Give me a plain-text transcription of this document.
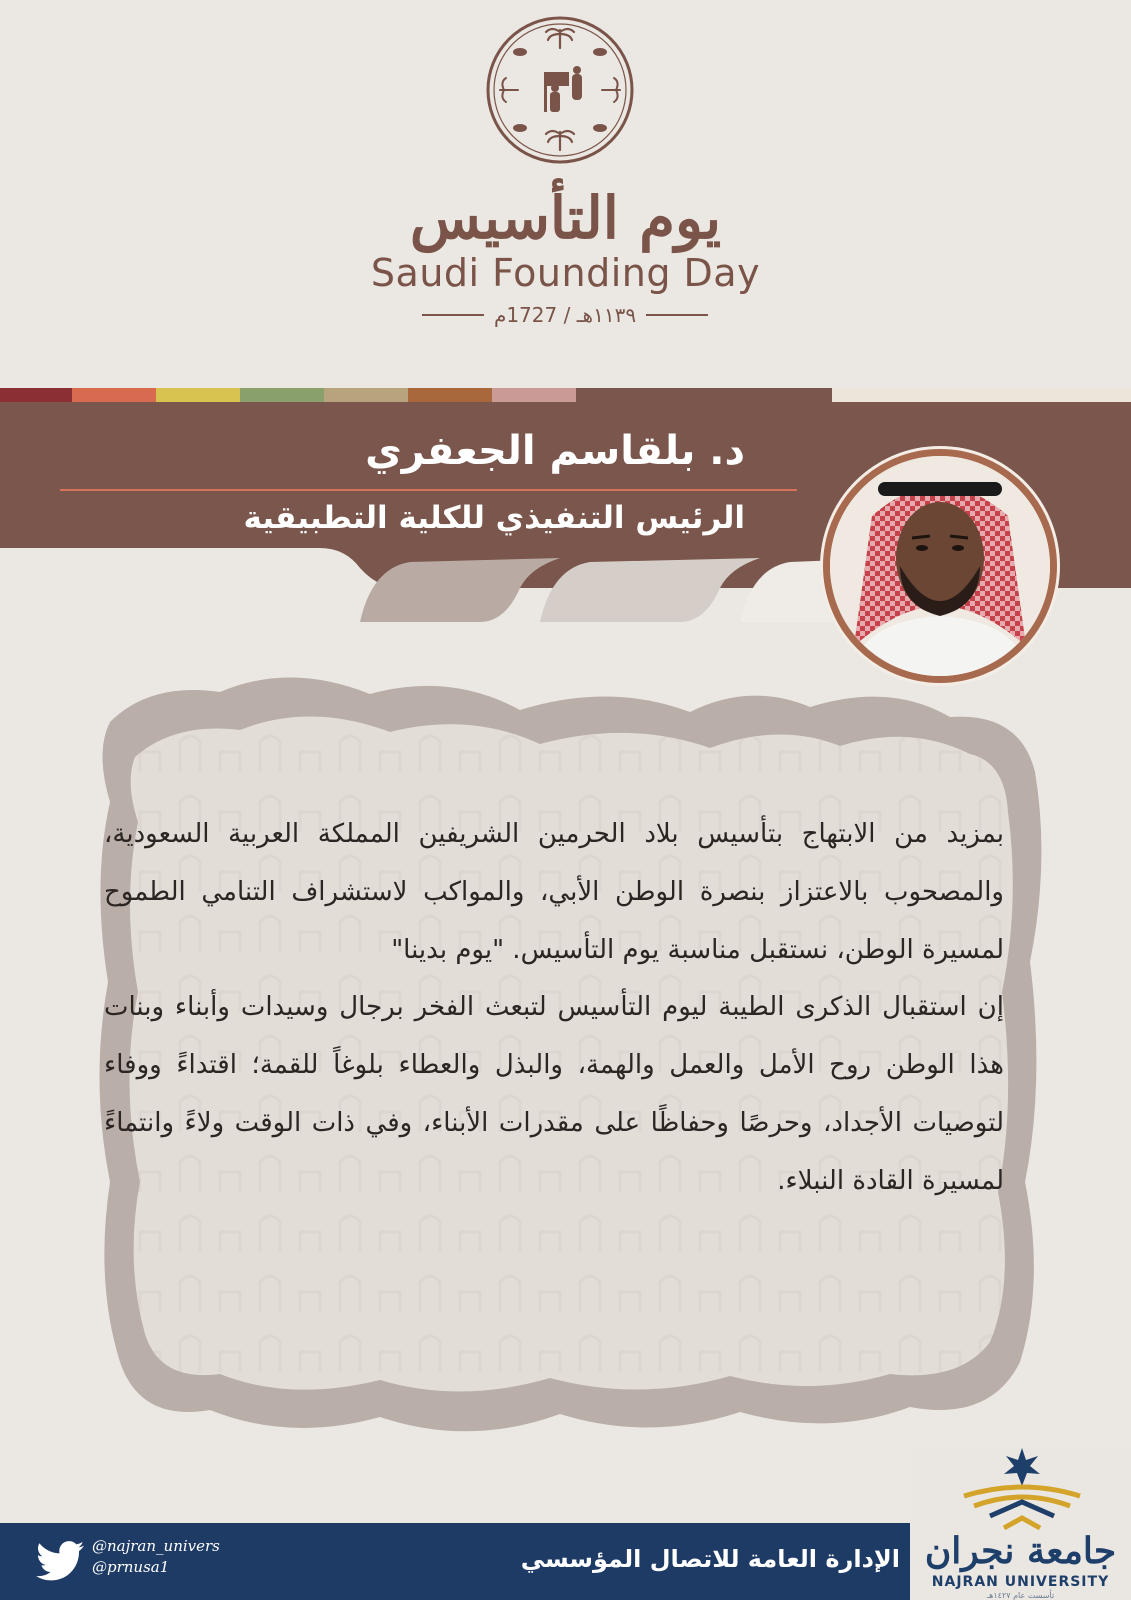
يوم التأسيس
Saudi Founding Day
١١٣٩هـ / 1727م
د. بلقاسم الجعفري
الرئيس التنفيذي للكلية التطبيقية

بمزيد من الابتهاج بتأسيس بلاد الحرمين الشريفين المملكة العربية السعودية، والمصحوب بالاعتزاز بنصرة الوطن الأبي، والمواكب لاستشراف التنامي الطموح لمسيرة الوطن، نستقبل مناسبة يوم التأسيس. "يوم بدينا"

إن استقبال الذكرى الطيبة ليوم التأسيس لتبعث الفخر برجال وسيدات وأبناء وبنات هذا الوطن روح الأمل والعمل والهمة، والبذل والعطاء بلوغاً للقمة؛ اقتداءً ووفاء لتوصيات الأجداد، وحرصًا وحفاظًا على مقدرات الأبناء، وفي ذات الوقت ولاءً وانتماءً لمسيرة القادة النبلاء.

جامعة نجران
NAJRAN UNIVERSITY
تأسست عام ١٤٢٧هـ
الإدارة العامة للاتصال المؤسسي
@najran_univers
@prnusa1
